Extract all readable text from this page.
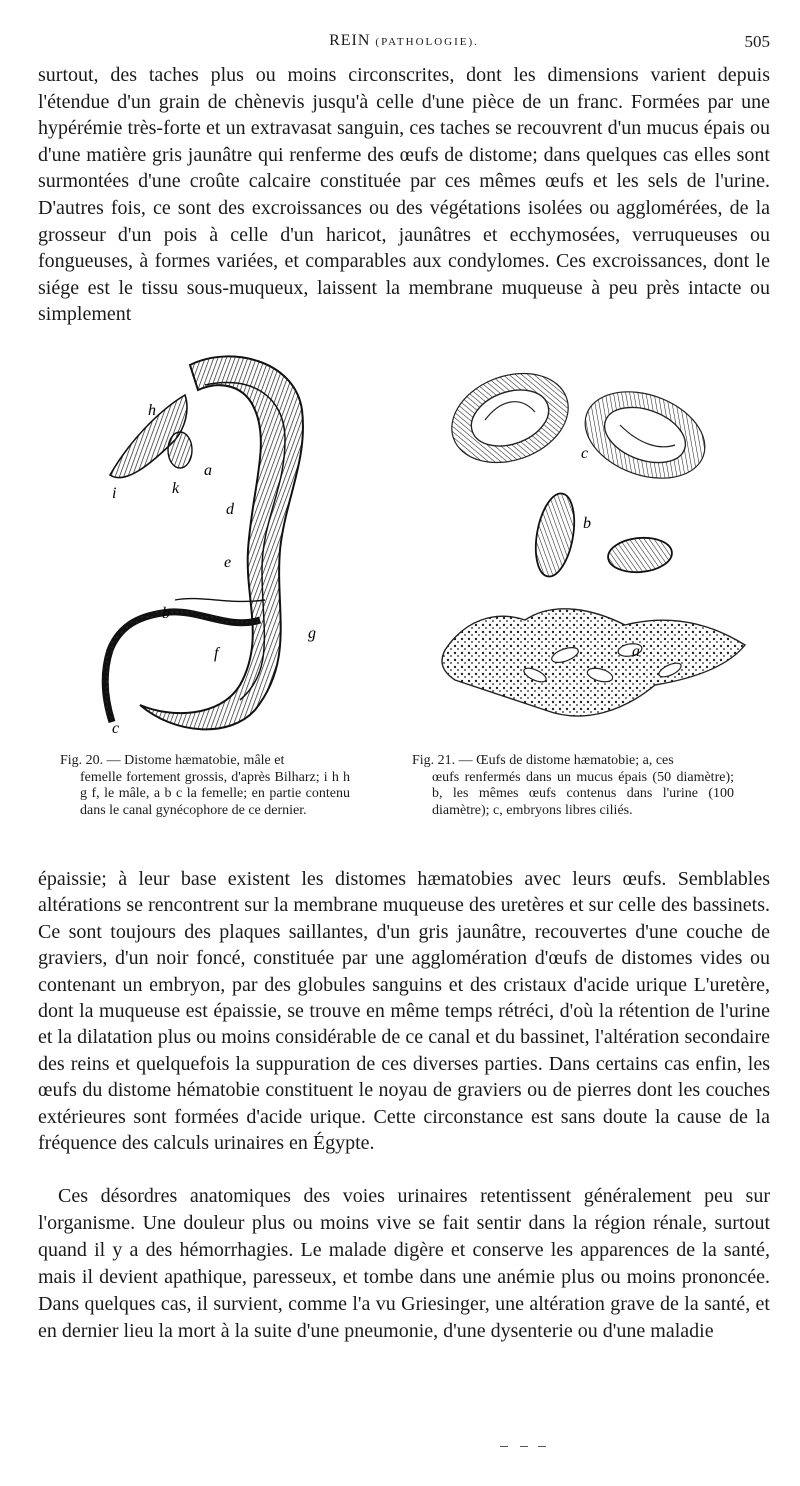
REIN (PATHOLOGIE).	505

surtout, des taches plus ou moins circonscrites, dont les dimensions varient depuis l'étendue d'un grain de chènevis jusqu'à celle d'une pièce de un franc. Formées par une hypérémie très-forte et un extravasat sanguin, ces taches se recouvrent d'un mucus épais ou d'une matière gris jaunâtre qui renferme des œufs de distome; dans quelques cas elles sont surmontées d'une croûte calcaire constituée par ces mêmes œufs et les sels de l'urine. D'autres fois, ce sont des excroissances ou des végétations isolées ou agglomérées, de la grosseur d'un pois à celle d'un haricot, jaunâtres et ecchymosées, verruqueuses ou fongueuses, à formes variées, et comparables aux condylomes. Ces excroissances, dont le siége est le tissu sous-muqueux, laissent la membrane muqueuse à peu près intacte ou simplement

h
i	k
a
d
e
b
g
f
c
c
b
a

Fig. 20. — Distome hæmatobie, mâle et
femelle fortement grossis, d'après Bilharz; i h h g f, le mâle, a b c la femelle; en partie contenu dans le canal gynécophore de ce dernier.

Fig. 21. — Œufs de distome hæmatobie; a, ces
œufs renfermés dans un mucus épais (50 diamètre); b, les mêmes œufs contenus dans l'urine (100 diamètre); c, embryons libres ciliés.

épaissie; à leur base existent les distomes hæmatobies avec leurs œufs. Semblables altérations se rencontrent sur la membrane muqueuse des uretères et sur celle des bassinets. Ce sont toujours des plaques saillantes, d'un gris jaunâtre, recouvertes d'une couche de graviers, d'un noir foncé, constituée par une agglomération d'œufs de distomes vides ou contenant un embryon, par des globules sanguins et des cristaux d'acide urique L'uretère, dont la muqueuse est épaissie, se trouve en même temps rétréci, d'où la rétention de l'urine et la dilatation plus ou moins considérable de ce canal et du bassinet, l'altération secondaire des reins et quelquefois la suppuration de ces diverses parties. Dans certains cas enfin, les œufs du distome hématobie constituent le noyau de graviers ou de pierres dont les couches extérieures sont formées d'acide urique. Cette circonstance est sans doute la cause de la fréquence des calculs urinaires en Égypte.

Ces désordres anatomiques des voies urinaires retentissent généralement peu sur l'organisme. Une douleur plus ou moins vive se fait sentir dans la région rénale, surtout quand il y a des hémorrhagies. Le malade digère et conserve les apparences de la santé, mais il devient apathique, paresseux, et tombe dans une anémie plus ou moins prononcée. Dans quelques cas, il survient, comme l'a vu Griesinger, une altération grave de la santé, et en dernier lieu la mort à la suite d'une pneumonie, d'une dysenterie ou d'une maladie
